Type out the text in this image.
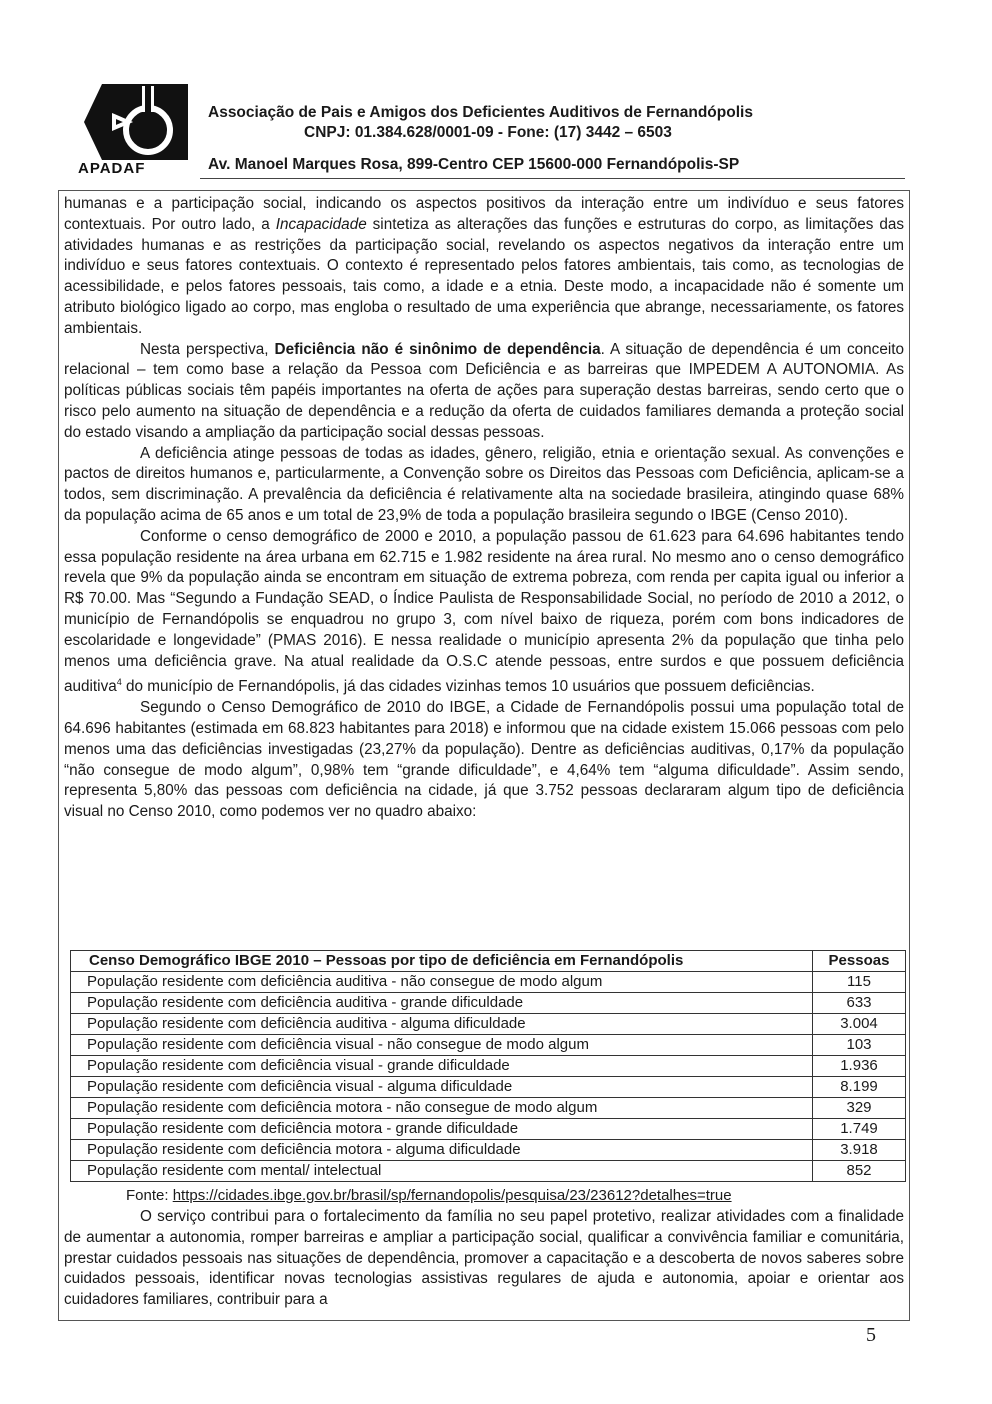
APADAF
Associação de Pais e Amigos dos Deficientes Auditivos de Fernandópolis
CNPJ: 01.384.628/0001-09 - Fone: (17) 3442 – 6503
Av. Manoel Marques Rosa, 899-Centro CEP 15600-000 Fernandópolis-SP

humanas e a participação social, indicando os aspectos positivos da interação entre um indivíduo e seus fatores contextuais. Por outro lado, a Incapacidade sintetiza as alterações das funções e estruturas do corpo, as limitações das atividades humanas e as restrições da participação social, revelando os aspectos negativos da interação entre um indivíduo e seus fatores contextuais. O contexto é representado pelos fatores ambientais, tais como, as tecnologias de acessibilidade, e pelos fatores pessoais, tais como, a idade e a etnia. Deste modo, a incapacidade não é somente um atributo biológico ligado ao corpo, mas engloba o resultado de uma experiência que abrange, necessariamente, os fatores ambientais.

Nesta perspectiva, Deficiência não é sinônimo de dependência. A situação de dependência é um conceito relacional – tem como base a relação da Pessoa com Deficiência e as barreiras que IMPEDEM A AUTONOMIA. As políticas públicas sociais têm papéis importantes na oferta de ações para superação destas barreiras, sendo certo que o risco pelo aumento na situação de dependência e a redução da oferta de cuidados familiares demanda a proteção social do estado visando a ampliação da participação social dessas pessoas.

A deficiência atinge pessoas de todas as idades, gênero, religião, etnia e orientação sexual. As convenções e pactos de direitos humanos e, particularmente, a Convenção sobre os Direitos das Pessoas com Deficiência, aplicam-se a todos, sem discriminação. A prevalência da deficiência é relativamente alta na sociedade brasileira, atingindo quase 68% da população acima de 65 anos e um total de 23,9% de toda a população brasileira segundo o IBGE (Censo 2010).

Conforme o censo demográfico de 2000 e 2010, a população passou de 61.623 para 64.696 habitantes tendo essa população residente na área urbana em 62.715 e 1.982 residente na área rural. No mesmo ano o censo demográfico revela que 9% da população ainda se encontram em situação de extrema pobreza, com renda per capita igual ou inferior a R$ 70.00. Mas “Segundo a Fundação SEAD, o Índice Paulista de Responsabilidade Social, no período de 2010 a 2012, o município de Fernandópolis se enquadrou no grupo 3, com nível baixo de riqueza, porém com bons indicadores de escolaridade e longevidade” (PMAS 2016). E nessa realidade o município apresenta 2% da população que tinha pelo menos uma deficiência grave. Na atual realidade da O.S.C atende pessoas, entre surdos e que possuem deficiência auditiva$^4$ do município de Fernandópolis, já das cidades vizinhas temos 10 usuários que possuem deficiências.

Segundo o Censo Demográfico de 2010 do IBGE, a Cidade de Fernandópolis possui uma população total de 64.696 habitantes (estimada em 68.823 habitantes para 2018) e informou que na cidade existem 15.066 pessoas com pelo menos uma das deficiências investigadas (23,27% da população). Dentre as deficiências auditivas, 0,17% da população “não consegue de modo algum”, 0,98% tem “grande dificuldade”, e 4,64% tem “alguma dificuldade”. Assim sendo, representa 5,80% das pessoas com deficiência na cidade, já que 3.752 pessoas declararam algum tipo de deficiência visual no Censo 2010, como podemos ver no quadro abaixo:

Censo Demográfico IBGE 2010 – Pessoas por tipo de deficiência em Fernandópolis	Pessoas
População residente com deficiência auditiva - não consegue de modo algum	115
População residente com deficiência auditiva - grande dificuldade	633
População residente com deficiência auditiva - alguma dificuldade	3.004
População residente com deficiência visual - não consegue de modo algum	103
População residente com deficiência visual - grande dificuldade	1.936
População residente com deficiência visual - alguma dificuldade	8.199
População residente com deficiência motora - não consegue de modo algum	329
População residente com deficiência motora - grande dificuldade	1.749
População residente com deficiência motora - alguma dificuldade	3.918
População residente com mental/ intelectual	852
Fonte: https://cidades.ibge.gov.br/brasil/sp/fernandopolis/pesquisa/23/23612?detalhes=true

O serviço contribui para o fortalecimento da família no seu papel protetivo, realizar atividades com a finalidade de aumentar a autonomia, romper barreiras e ampliar a participação social, qualificar a convivência familiar e comunitária, prestar cuidados pessoais nas situações de dependência, promover a capacitação e a descoberta de novos saberes sobre cuidados pessoais, identificar novas tecnologias assistivas regulares de ajuda e autonomia, apoiar e orientar aos cuidadores familiares, contribuir para a

5
